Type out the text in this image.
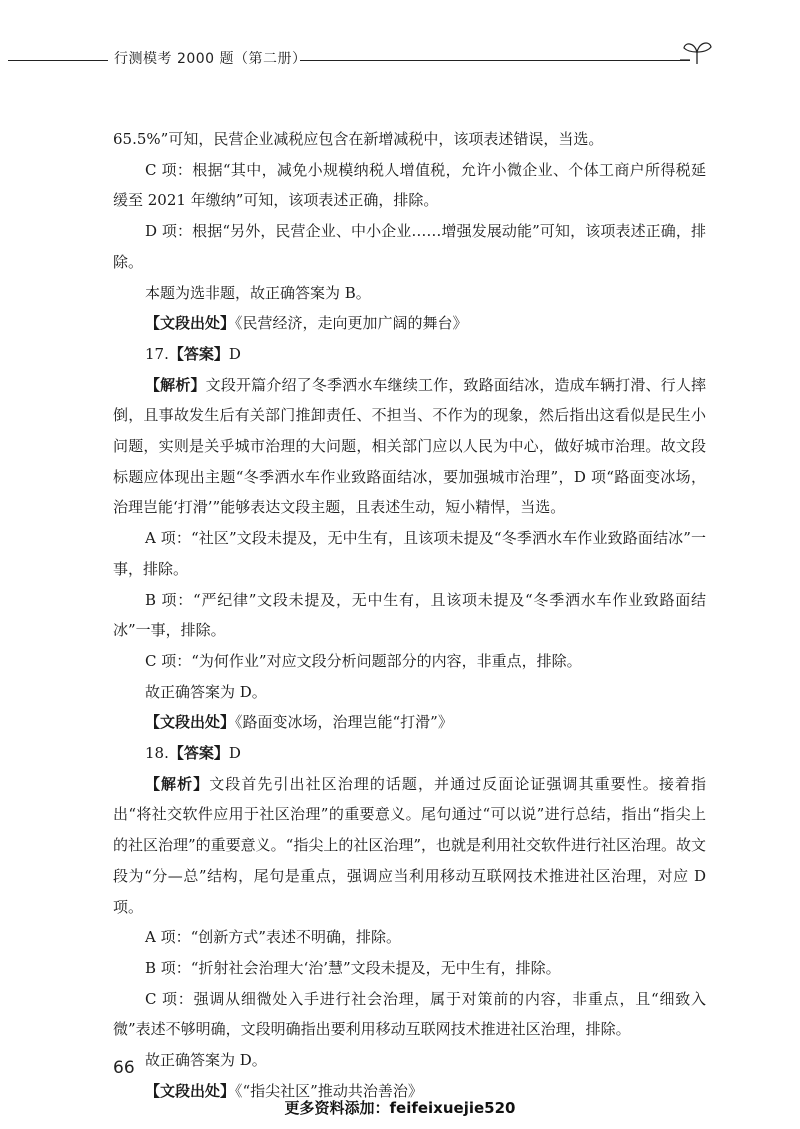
行测模考 2000 题（第二册）

65.5%”可知，民营企业减税应包含在新增减税中，该项表述错误，当选。

C 项：根据“其中，减免小规模纳税人增值税，允许小微企业、个体工商户所得税延缓至 2021 年缴纳”可知，该项表述正确，排除。

D 项：根据“另外，民营企业、中小企业……增强发展动能”可知，该项表述正确，排除。

本题为选非题，故正确答案为 B。

【文段出处】《民营经济，走向更加广阔的舞台》

17.【答案】D

【解析】文段开篇介绍了冬季洒水车继续工作，致路面结冰，造成车辆打滑、行人摔倒，且事故发生后有关部门推卸责任、不担当、不作为的现象，然后指出这看似是民生小问题，实则是关乎城市治理的大问题，相关部门应以人民为中心，做好城市治理。故文段标题应体现出主题“冬季洒水车作业致路面结冰，要加强城市治理”，D 项“路面变冰场，治理岂能‘打滑’”能够表达文段主题，且表述生动，短小精悍，当选。

A 项：“社区”文段未提及，无中生有，且该项未提及“冬季洒水车作业致路面结冰”一事，排除。

B 项：“严纪律”文段未提及，无中生有，且该项未提及“冬季洒水车作业致路面结冰”一事，排除。

C 项：“为何作业”对应文段分析问题部分的内容，非重点，排除。

故正确答案为 D。

【文段出处】《路面变冰场，治理岂能“打滑”》

18.【答案】D

【解析】文段首先引出社区治理的话题，并通过反面论证强调其重要性。接着指出“将社交软件应用于社区治理”的重要意义。尾句通过“可以说”进行总结，指出“指尖上的社区治理”的重要意义。“指尖上的社区治理”，也就是利用社交软件进行社区治理。故文段为“分—总”结构，尾句是重点，强调应当利用移动互联网技术推进社区治理，对应 D 项。

A 项：“创新方式”表述不明确，排除。

B 项：“折射社会治理大‘治’慧”文段未提及，无中生有，排除。

C 项：强调从细微处入手进行社会治理，属于对策前的内容，非重点，且“细致入微”表述不够明确，文段明确指出要利用移动互联网技术推进社区治理，排除。

故正确答案为 D。

【文段出处】《“指尖社区”推动共治善治》

66
更多资料添加：feifeixuejie520
